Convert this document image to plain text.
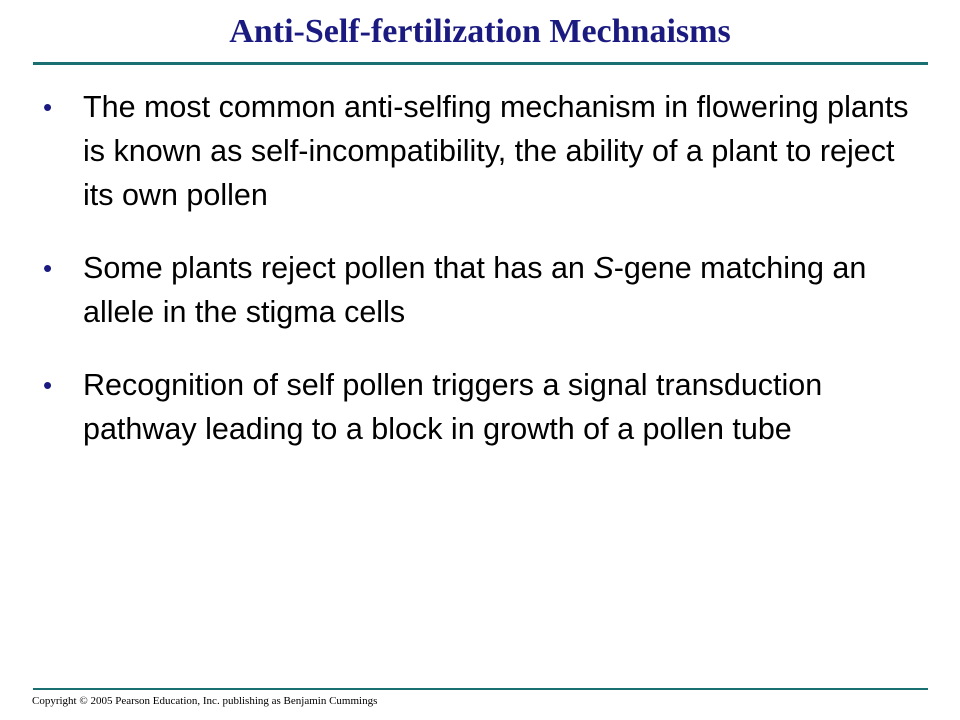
Anti-Self-fertilization Mechnaisms
• The most common anti-selfing mechanism in flowering plants is known as self-incompatibility, the ability of a plant to reject its own pollen
• Some plants reject pollen that has an S-gene matching an allele in the stigma cells
• Recognition of self pollen triggers a signal transduction pathway leading to a block in growth of a pollen tube
Copyright © 2005 Pearson Education, Inc. publishing as Benjamin Cummings
